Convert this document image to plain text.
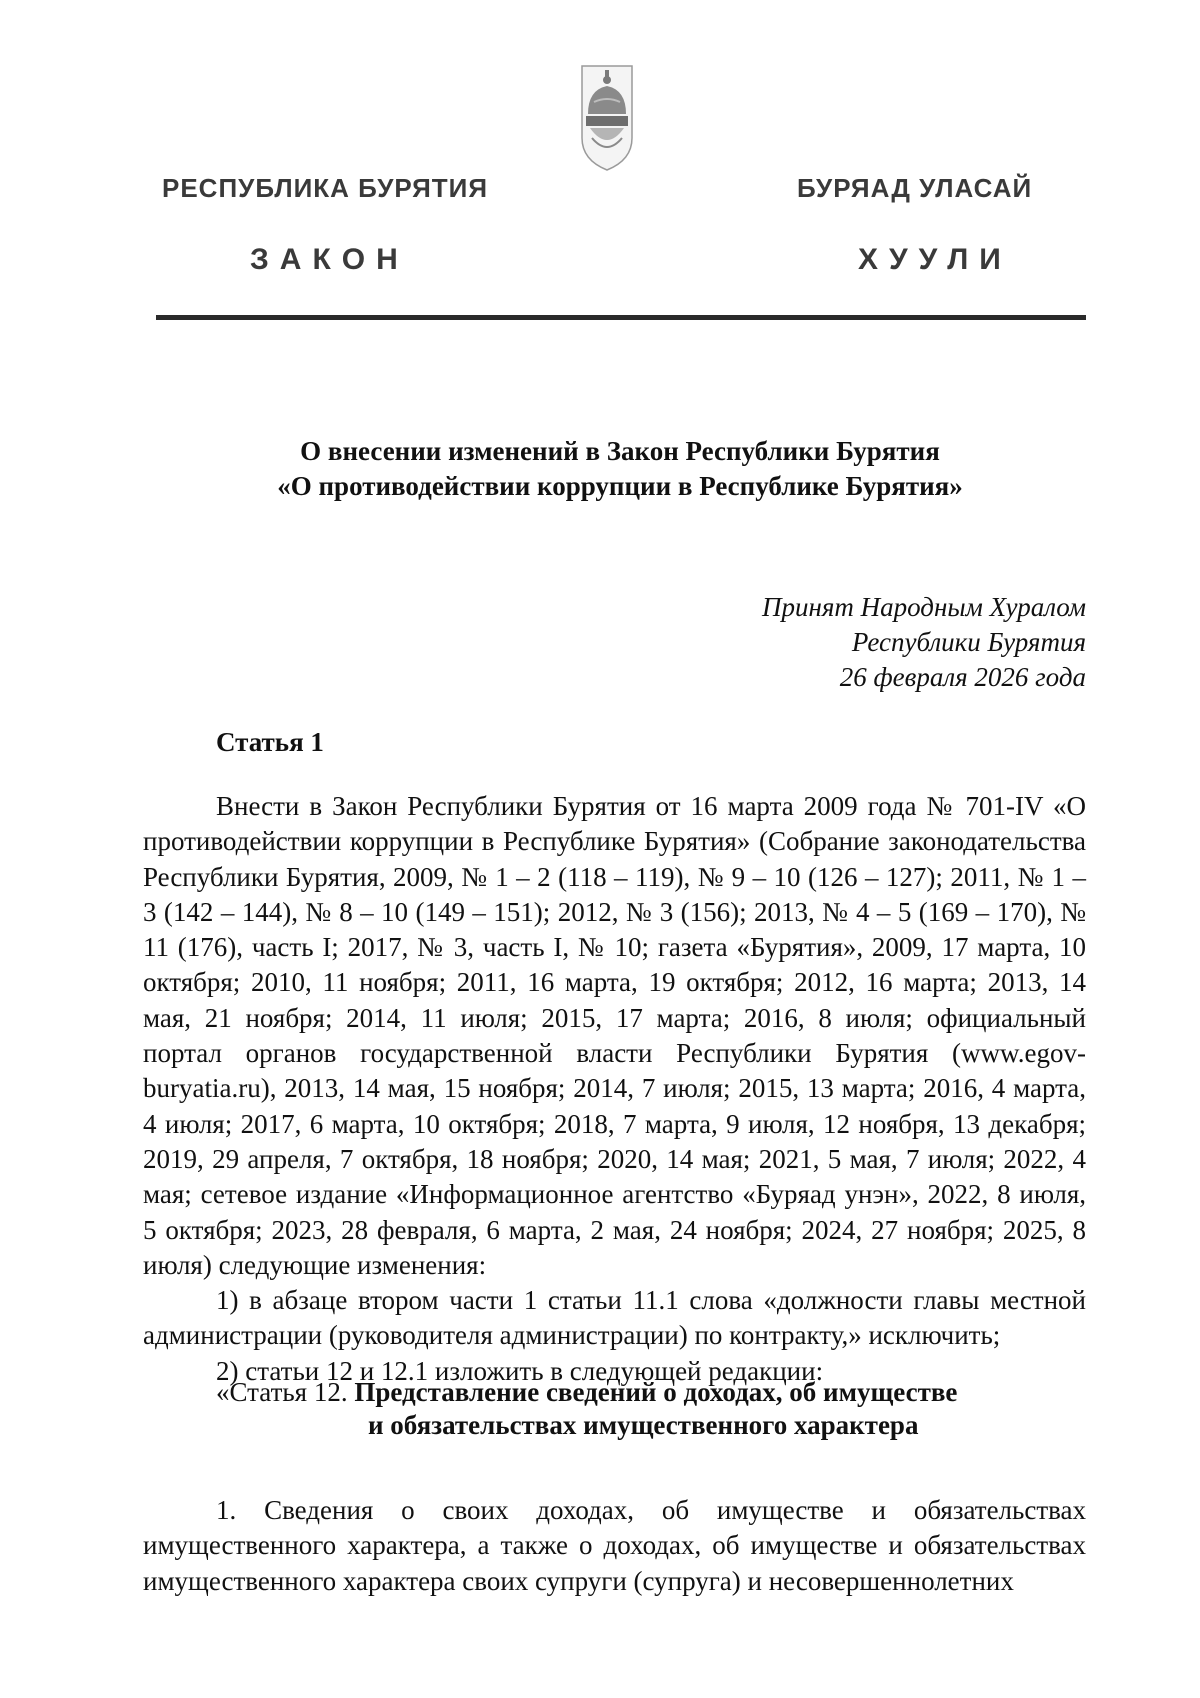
РЕСПУБЛИКА БУРЯТИЯ	БУРЯАД УЛАСАЙ
ЗАКОН	ХУУЛИ
О внесении изменений в Закон Республики Бурятия
«О противодействии коррупции в Республике Бурятия»
Принят Народным Хуралом
Республики Бурятия
26 февраля 2026 года
Статья 1

Внести в Закон Республики Бурятия от 16 марта 2009 года № 701-IV «О противодействии коррупции в Республике Бурятия» (Собрание законодательства Республики Бурятия, 2009, № 1 – 2 (118 – 119), № 9 – 10 (126 – 127); 2011, № 1 – 3 (142 – 144), № 8 – 10 (149 – 151); 2012, № 3 (156); 2013, № 4 – 5 (169 – 170), № 11 (176), часть I; 2017, № 3, часть I, № 10; газета «Бурятия», 2009, 17 марта, 10 октября; 2010, 11 ноября; 2011, 16 марта, 19 октября; 2012, 16 марта; 2013, 14 мая, 21 ноября; 2014, 11 июля; 2015, 17 марта; 2016, 8 июля; официальный портал органов государственной власти Республики Бурятия (www.egov-buryatia.ru), 2013, 14 мая, 15 ноября; 2014, 7 июля; 2015, 13 марта; 2016, 4 марта, 4 июля; 2017, 6 марта, 10 октября; 2018, 7 марта, 9 июля, 12 ноября, 13 декабря; 2019, 29 апреля, 7 октября, 18 ноября; 2020, 14 мая; 2021, 5 мая, 7 июля; 2022, 4 мая; сетевое издание «Информационное агентство «Буряад унэн», 2022, 8 июля, 5 октября; 2023, 28 февраля, 6 марта, 2 мая, 24 ноября; 2024, 27 ноября; 2025, 8 июля) следующие изменения:

1) в абзаце втором части 1 статьи 11.1 слова «должности главы местной администрации (руководителя администрации) по контракту,» исключить;

2) статьи 12 и 12.1 изложить в следующей редакции:

«Статья 12. Представление сведений о доходах, об имуществе
и обязательствах имущественного характера

1. Сведения о своих доходах, об имуществе и обязательствах имущественного характера, а также о доходах, об имуществе и обязательствах имущественного характера своих супруги (супруга) и несовершеннолетних
